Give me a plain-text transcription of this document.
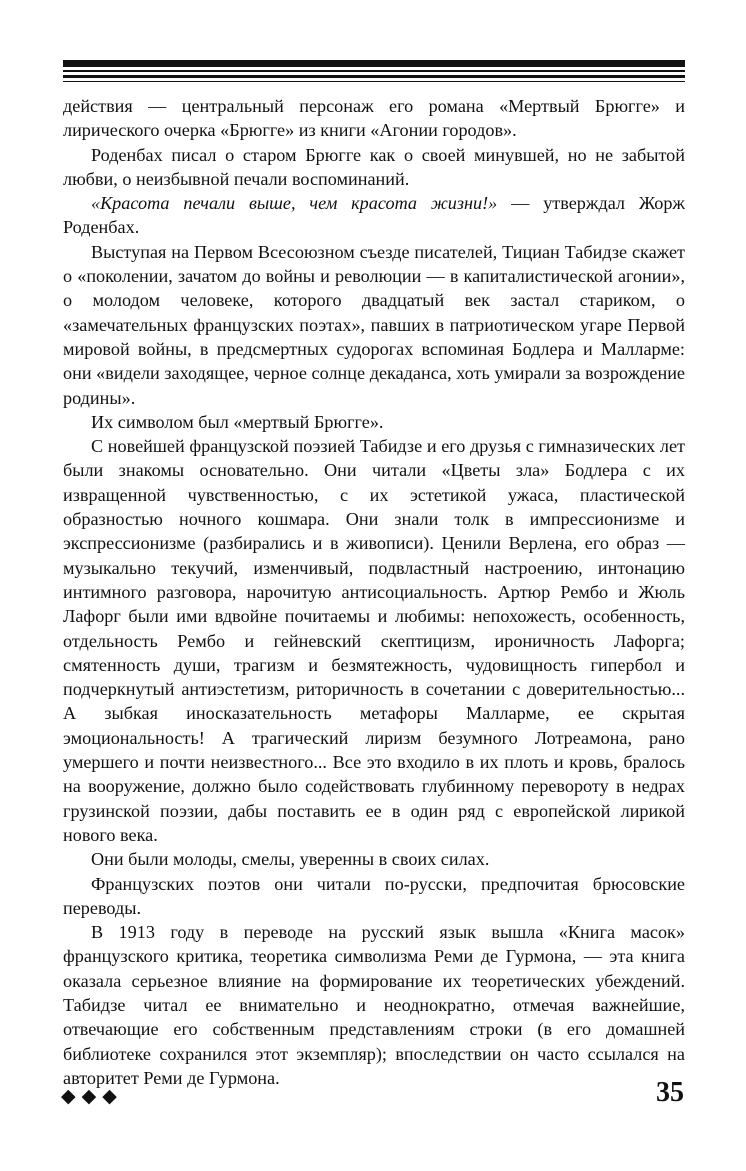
действия — центральный персонаж его романа «Мертвый Брюгге» и лирического очерка «Брюгге» из книги «Агонии городов».

Роденбах писал о старом Брюгге как о своей минувшей, но не забытой любви, о неизбывной печали воспоминаний.

«Красота печали выше, чем красота жизни!» — утверждал Жорж Роденбах.

Выступая на Первом Всесоюзном съезде писателей, Тициан Табидзе скажет о «поколении, зачатом до войны и революции — в капиталистической агонии», о молодом человеке, которого двадцатый век застал стариком, о «замечательных французских поэтах», павших в патриотическом угаре Первой мировой войны, в предсмертных судорогах вспоминая Бодлера и Малларме: они «видели заходящее, черное солнце декаданса, хоть умирали за возрождение родины».

Их символом был «мертвый Брюгге».

С новейшей французской поэзией Табидзе и его друзья с гимназических лет были знакомы основательно. Они читали «Цветы зла» Бодлера с их извращенной чувственностью, с их эстетикой ужаса, пластической образностью ночного кошмара. Они знали толк в импрессионизме и экспрессионизме (разбирались и в живописи). Ценили Верлена, его образ — музыкально текучий, изменчивый, подвластный настроению, интонацию интимного разговора, нарочитую антисоциальность. Артюр Рембо и Жюль Лафорг были ими вдвойне почитаемы и любимы: непохожесть, особенность, отдельность Рембо и гейневский скептицизм, ироничность Лафорга; смятенность души, трагизм и безмятежность, чудовищность гипербол и подчеркнутый антиэстетизм, риторичность в сочетании с доверительностью... А зыбкая иносказательность метафоры Малларме, ее скрытая эмоциональность! А трагический лиризм безумного Лотреамона, рано умершего и почти неизвестного... Все это входило в их плоть и кровь, бралось на вооружение, должно было содействовать глубинному перевороту в недрах грузинской поэзии, дабы поставить ее в один ряд с европейской лирикой нового века.

Они были молоды, смелы, уверенны в своих силах.

Французских поэтов они читали по-русски, предпочитая брюсовские переводы.

В 1913 году в переводе на русский язык вышла «Книга масок» французского критика, теоретика символизма Реми де Гурмона, — эта книга оказала серьезное влияние на формирование их теоретических убеждений. Табидзе читал ее внимательно и неоднократно, отмечая важнейшие, отвечающие его собственным представлениям строки (в его домашней библиотеке сохранился этот экземпляр); впоследствии он часто ссылался на авторитет Реми де Гурмона.

◆◆◆	35
